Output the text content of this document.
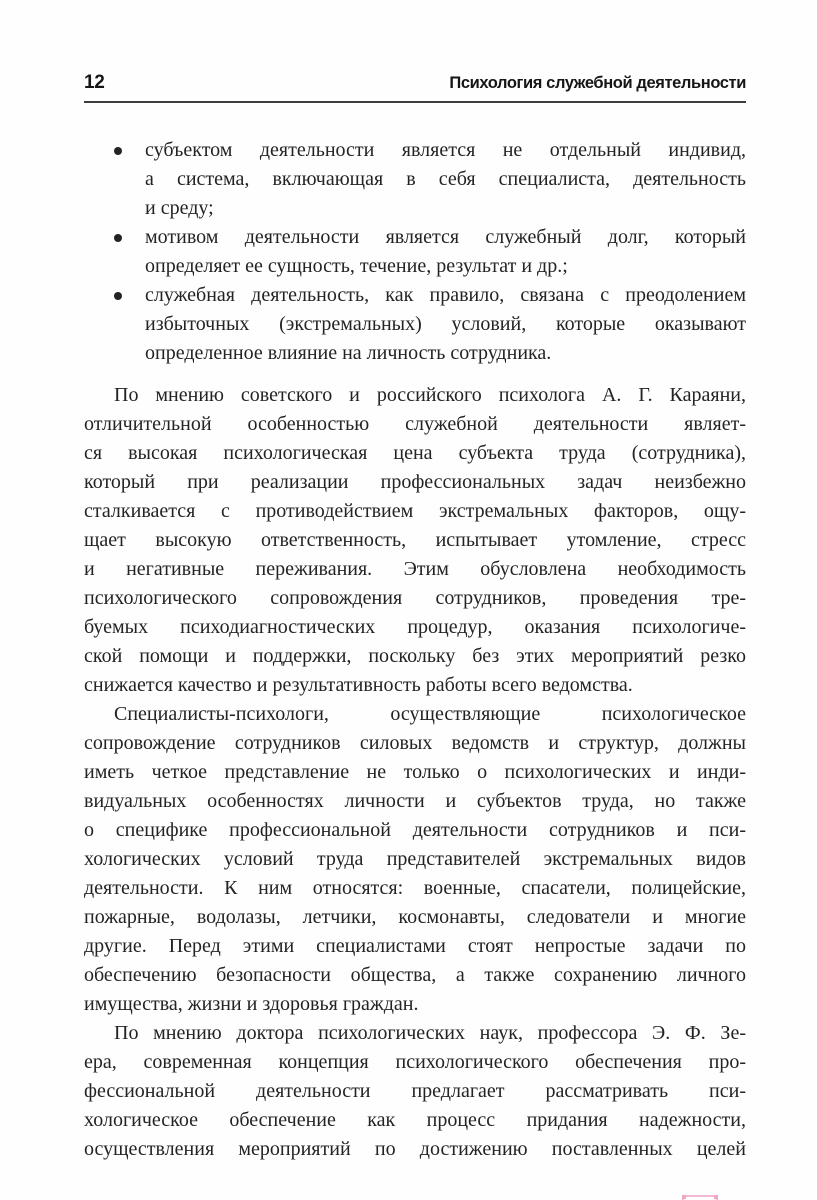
12	Психология служебной деятельности
субъектом деятельности является не отдельный индивид,
а система, включающая в себя специалиста, деятельность
и среду;
мотивом деятельности является служебный долг, который
определяет ее сущность, течение, результат и др.;
служебная деятельность, как правило, связана с преодолением
избыточных (экстремальных) условий, которые оказывают
определенное влияние на личность сотрудника.
По мнению советского и российского психолога А. Г. Караяни,
отличительной особенностью служебной деятельности являет-
ся высокая психологическая цена субъекта труда (сотрудника),
который при реализации профессиональных задач неизбежно
сталкивается с противодействием экстремальных факторов, ощу-
щает высокую ответственность, испытывает утомление, стресс
и негативные переживания. Этим обусловлена необходимость
психологического сопровождения сотрудников, проведения тре-
буемых психодиагностических процедур, оказания психологиче-
ской помощи и поддержки, поскольку без этих мероприятий резко
снижается качество и результативность работы всего ведомства.
Специалисты-психологи, осуществляющие психологическое
сопровождение сотрудников силовых ведомств и структур, должны
иметь четкое представление не только о психологических и инди-
видуальных особенностях личности и субъектов труда, но также
о специфике профессиональной деятельности сотрудников и пси-
хологических условий труда представителей экстремальных видов
деятельности. К ним относятся: военные, спасатели, полицейские,
пожарные, водолазы, летчики, космонавты, следователи и многие
другие. Перед этими специалистами стоят непростые задачи по
обеспечению безопасности общества, а также сохранению личного
имущества, жизни и здоровья граждан.
По мнению доктора психологических наук, профессора Э. Ф. Зе-
ера, современная концепция психологического обеспечения про-
фессиональной деятельности предлагает рассматривать пси-
хологическое обеспечение как процесс придания надежности,
осуществления мероприятий по достижению поставленных целей
